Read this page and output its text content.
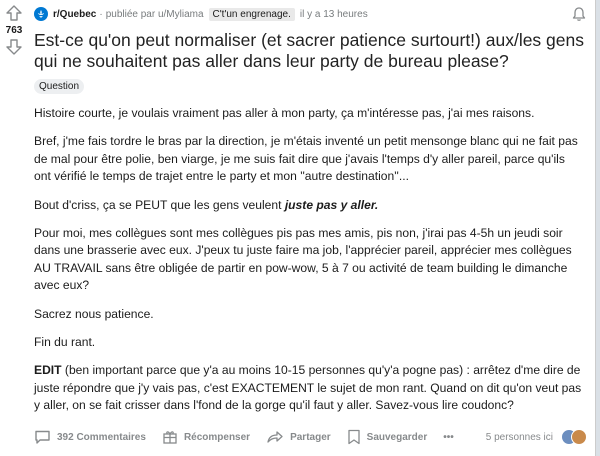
763
r/Quebec · publiée par
u/Myliama C't'un engrenage. il y a 13 heures
Est-ce qu'on peut normaliser (et sacrer patience surtourt!) aux/les gens qui ne souhaitent pas aller dans leur party de bureau please?
Question

Histoire courte, je voulais vraiment pas aller à mon party, ça m'intéresse pas, j'ai mes raisons.

Bref, j'me fais tordre le bras par la direction, je m'étais inventé un petit mensonge blanc qui ne fait pas de mal pour être polie, ben viarge, je me suis fait dire que j'avais l'temps d'y aller pareil, parce qu'ils ont vérifié le temps de trajet entre le party et mon ''autre destination''...

Bout d'criss, ça se PEUT que les gens veulent juste pas y aller.

Pour moi, mes collègues sont mes collègues pis pas mes amis, pis non, j'irai pas 4-5h un jeudi soir dans une brasserie avec eux. J'peux tu juste faire ma job, l'apprécier pareil, apprécier mes collègues AU TRAVAIL sans être obligée de partir en pow-wow, 5 à 7 ou activité de team building le dimanche avec eux?

Sacrez nous patience.

Fin du rant.

EDIT (ben important parce que y'a au moins 10-15 personnes qu'y'a pogne pas) : arrêtez d'me dire de juste répondre que j'y vais pas, c'est EXACTEMENT le sujet de mon rant. Quand on dit qu'on veut pas y aller, on se fait crisser dans l'fond de la gorge qu'il faut y aller. Savez-vous lire coudonc?

392 Commentaires	Récompenser	Partager	Sauvegarder •••	5 personnes ici
